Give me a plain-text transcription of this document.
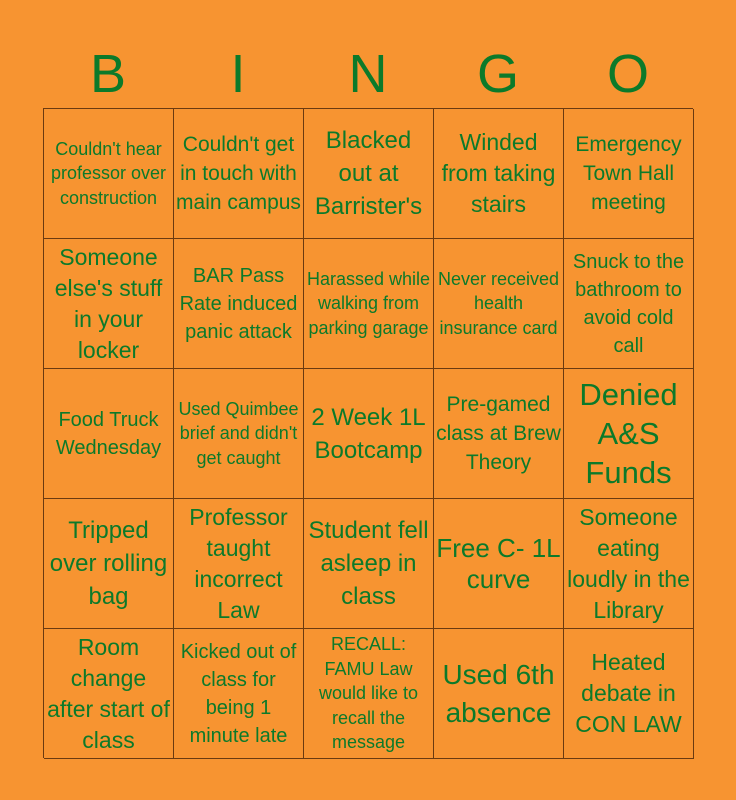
B	I	N	G	O
Couldn't hear professor over construction
Couldn't get in touch with main campus
Blacked out at Barrister's
Winded from taking stairs
Emergency Town Hall meeting
Someone else's stuff in your locker
BAR Pass Rate induced panic attack
Harassed while walking from parking garage
Never received health insurance card
Snuck to the bathroom to avoid cold call
Food Truck Wednesday
Used Quimbee brief and didn't get caught
2 Week 1L Bootcamp
Pre-gamed class at Brew Theory
Denied A&S Funds
Tripped over rolling bag
Professor taught incorrect Law
Student fell asleep in class
Free C- 1L curve
Someone eating loudly in the Library
Room change after start of class
Kicked out of class for being 1 minute late
RECALL: FAMU Law would like to recall the message
Used 6th absence
Heated debate in CON LAW
